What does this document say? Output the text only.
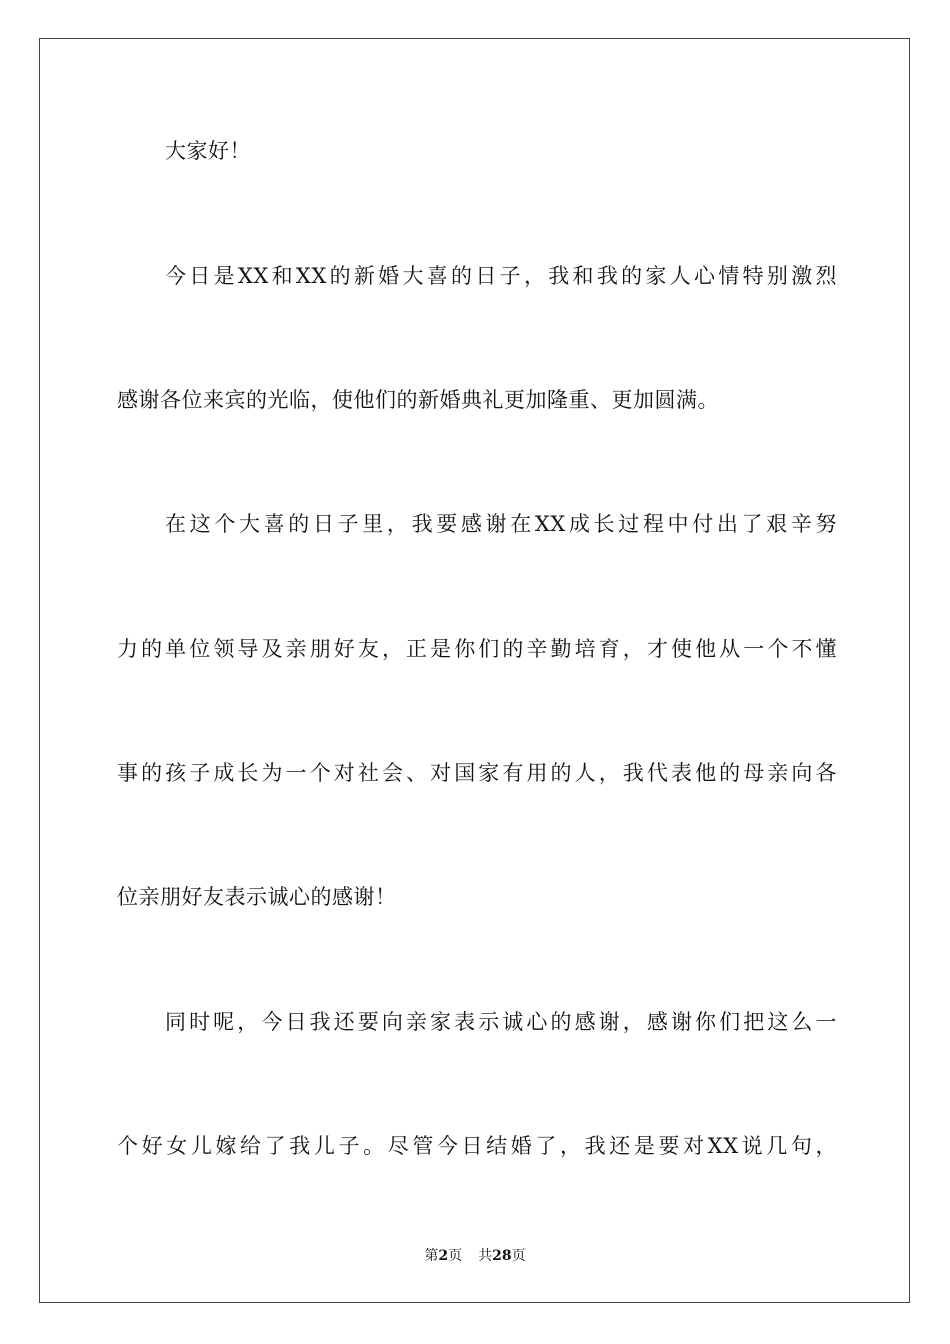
大家好！
今日是XX和XX的新婚大喜的日子，我和我的家人心情特别激烈
感谢各位来宾的光临，使他们的新婚典礼更加隆重、更加圆满。
在这个大喜的日子里，我要感谢在XX成长过程中付出了艰辛努
力的单位领导及亲朋好友，正是你们的辛勤培育，才使他从一个不懂
事的孩子成长为一个对社会、对国家有用的人，我代表他的母亲向各
位亲朋好友表示诚心的感谢！
同时呢，今日我还要向亲家表示诚心的感谢，感谢你们把这么一
个好女儿嫁给了我儿子。尽管今日结婚了，我还是要对XX说几句，
第2页 共28页
